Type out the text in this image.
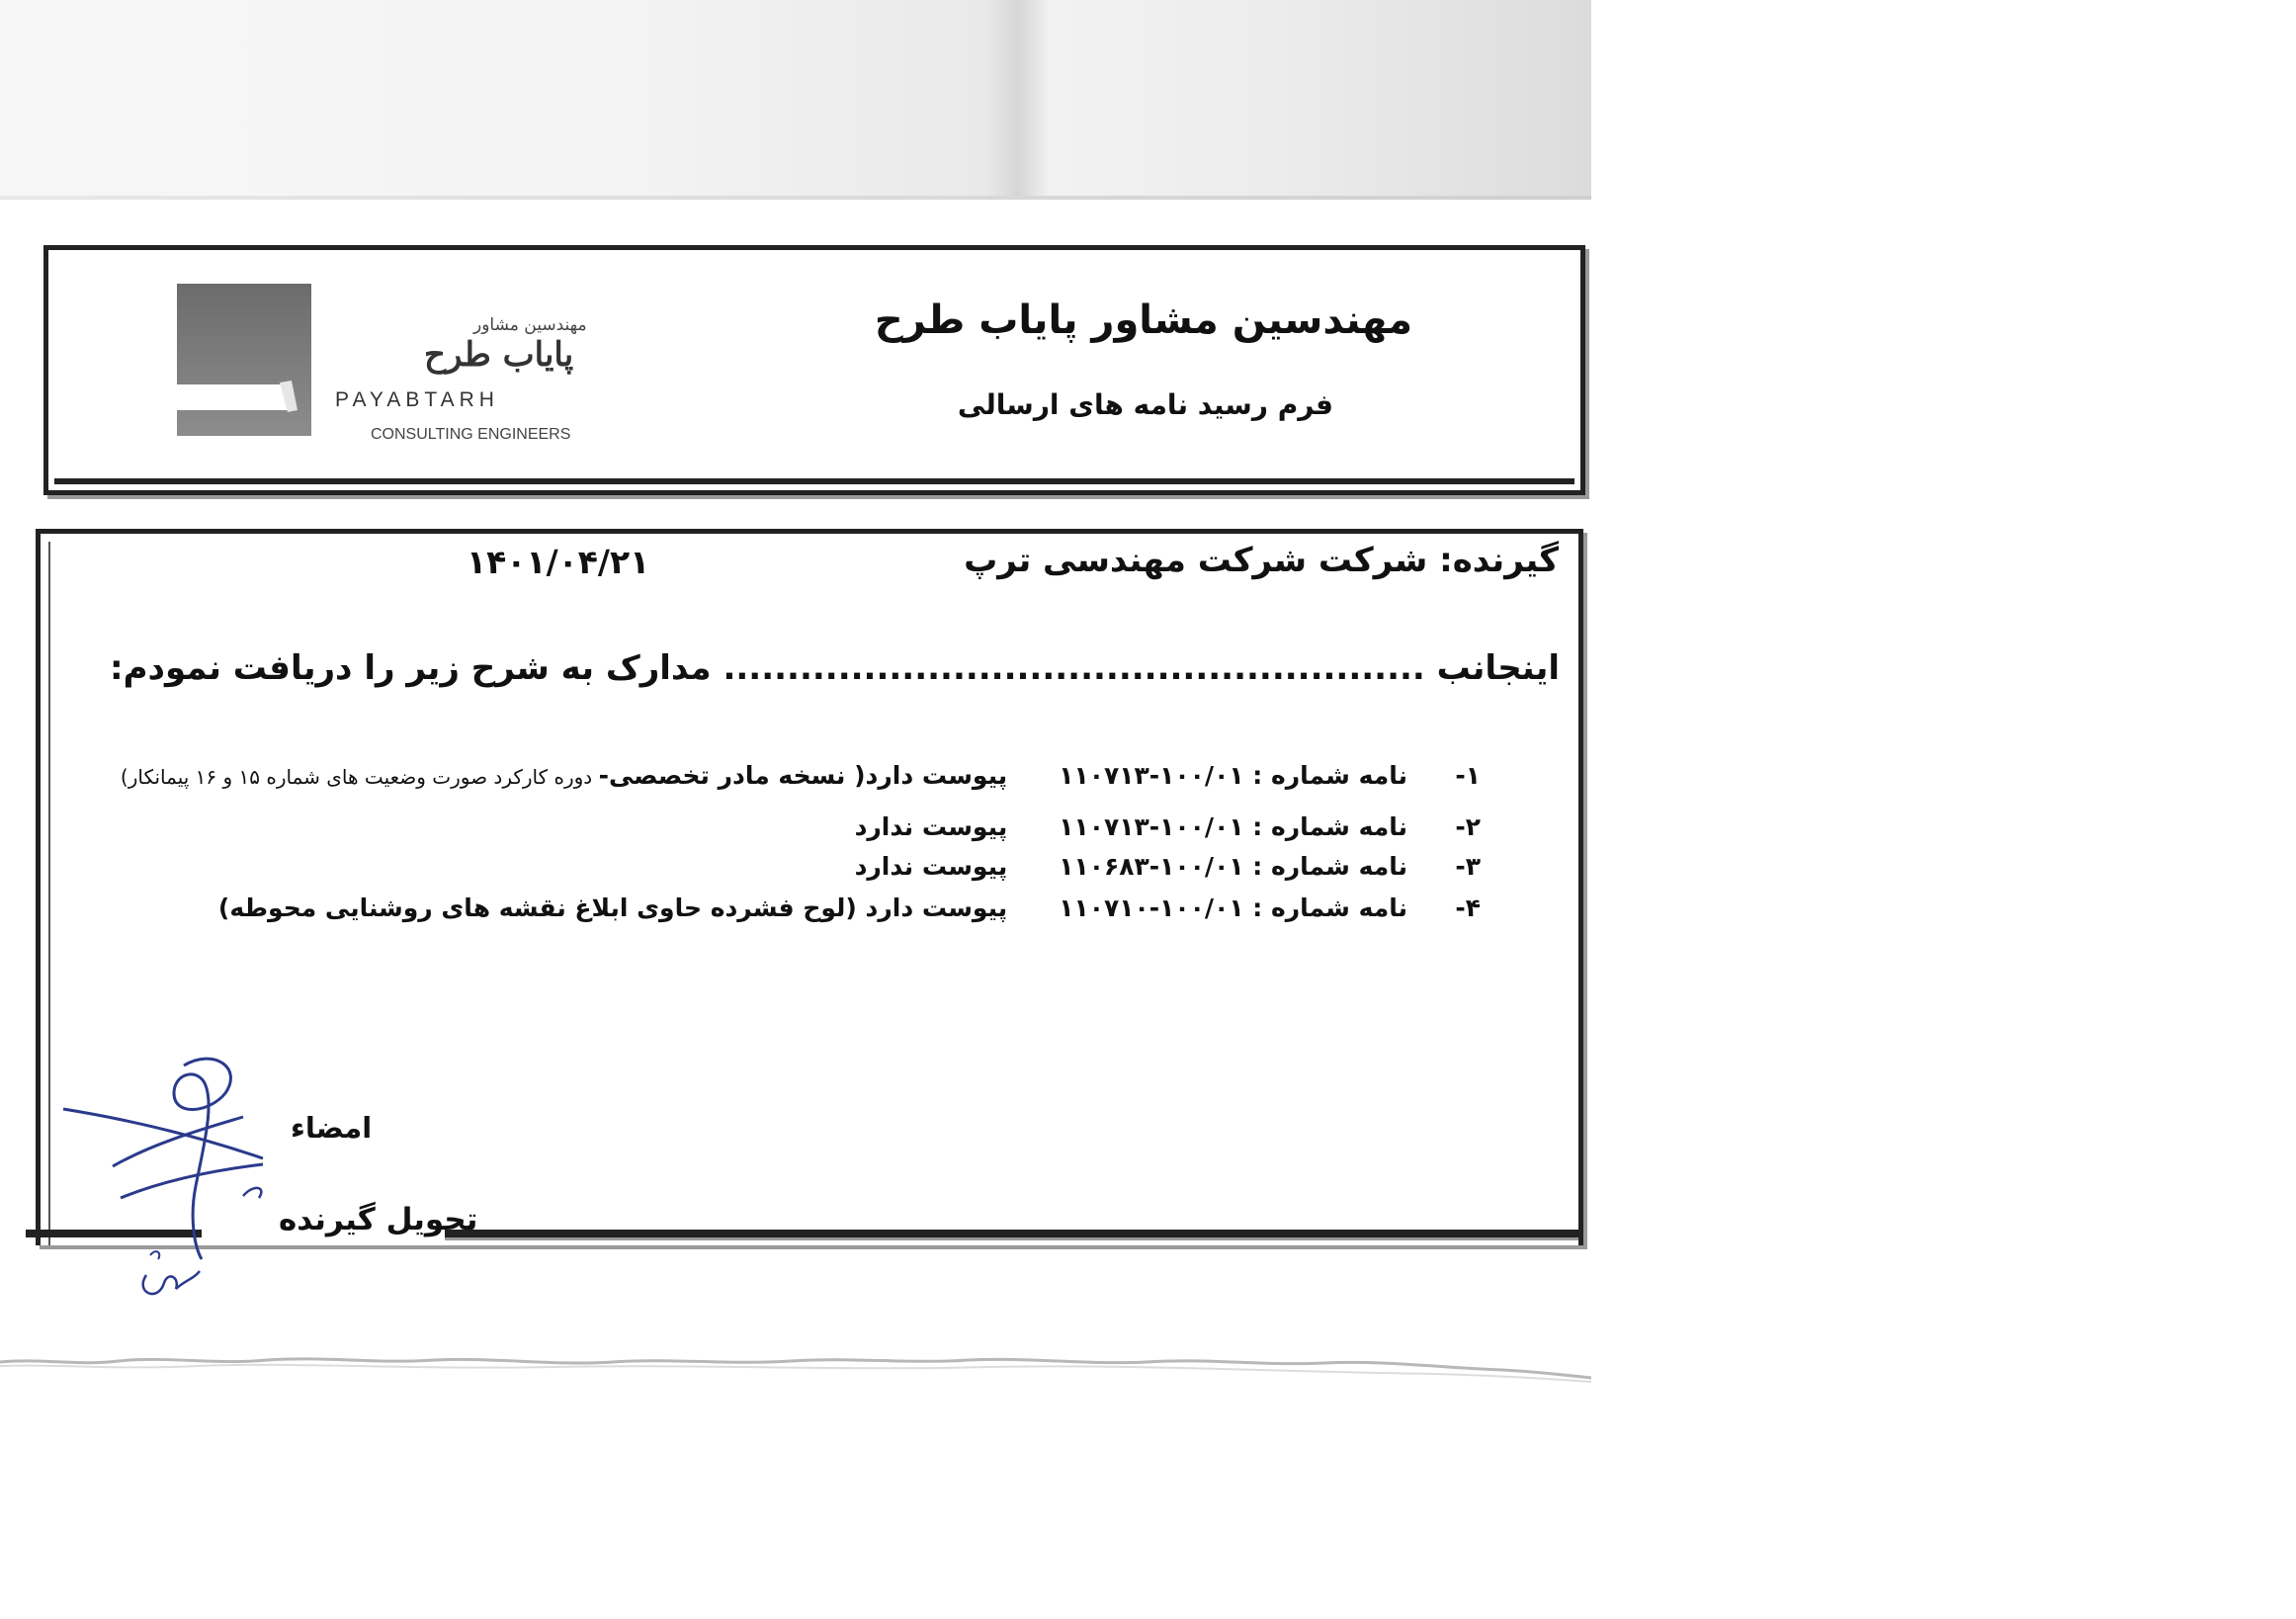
مهندسین مشاور
پایاب طرح
PAYABTARH
CONSULTING ENGINEERS
مهندسین مشاور پایاب طرح
فرم رسید نامه های ارسالی
گیرنده: شرکت شرکت مهندسی ترپ
۱۴۰۱/۰۴/۲۱
اینجانب ....................................................... مدارک به شرح زیر را دریافت نمودم:
۱-نامه شماره : ۱۰۰/۰۱-۱۱۰۷۱۳پیوست دارد( نسخه مادر تخصصی- دوره کارکرد صورت وضعیت های شماره ۱۵ و ۱۶ پیمانکار)
۲-نامه شماره : ۱۰۰/۰۱-۱۱۰۷۱۳پیوست ندارد
۳-نامه شماره : ۱۰۰/۰۱-۱۱۰۶۸۳پیوست ندارد
۴-نامه شماره : ۱۰۰/۰۱-۱۱۰۷۱۰پیوست دارد (لوح فشرده حاوی ابلاغ نقشه های روشنایی محوطه)
امضاء
تحویل گیرنده
